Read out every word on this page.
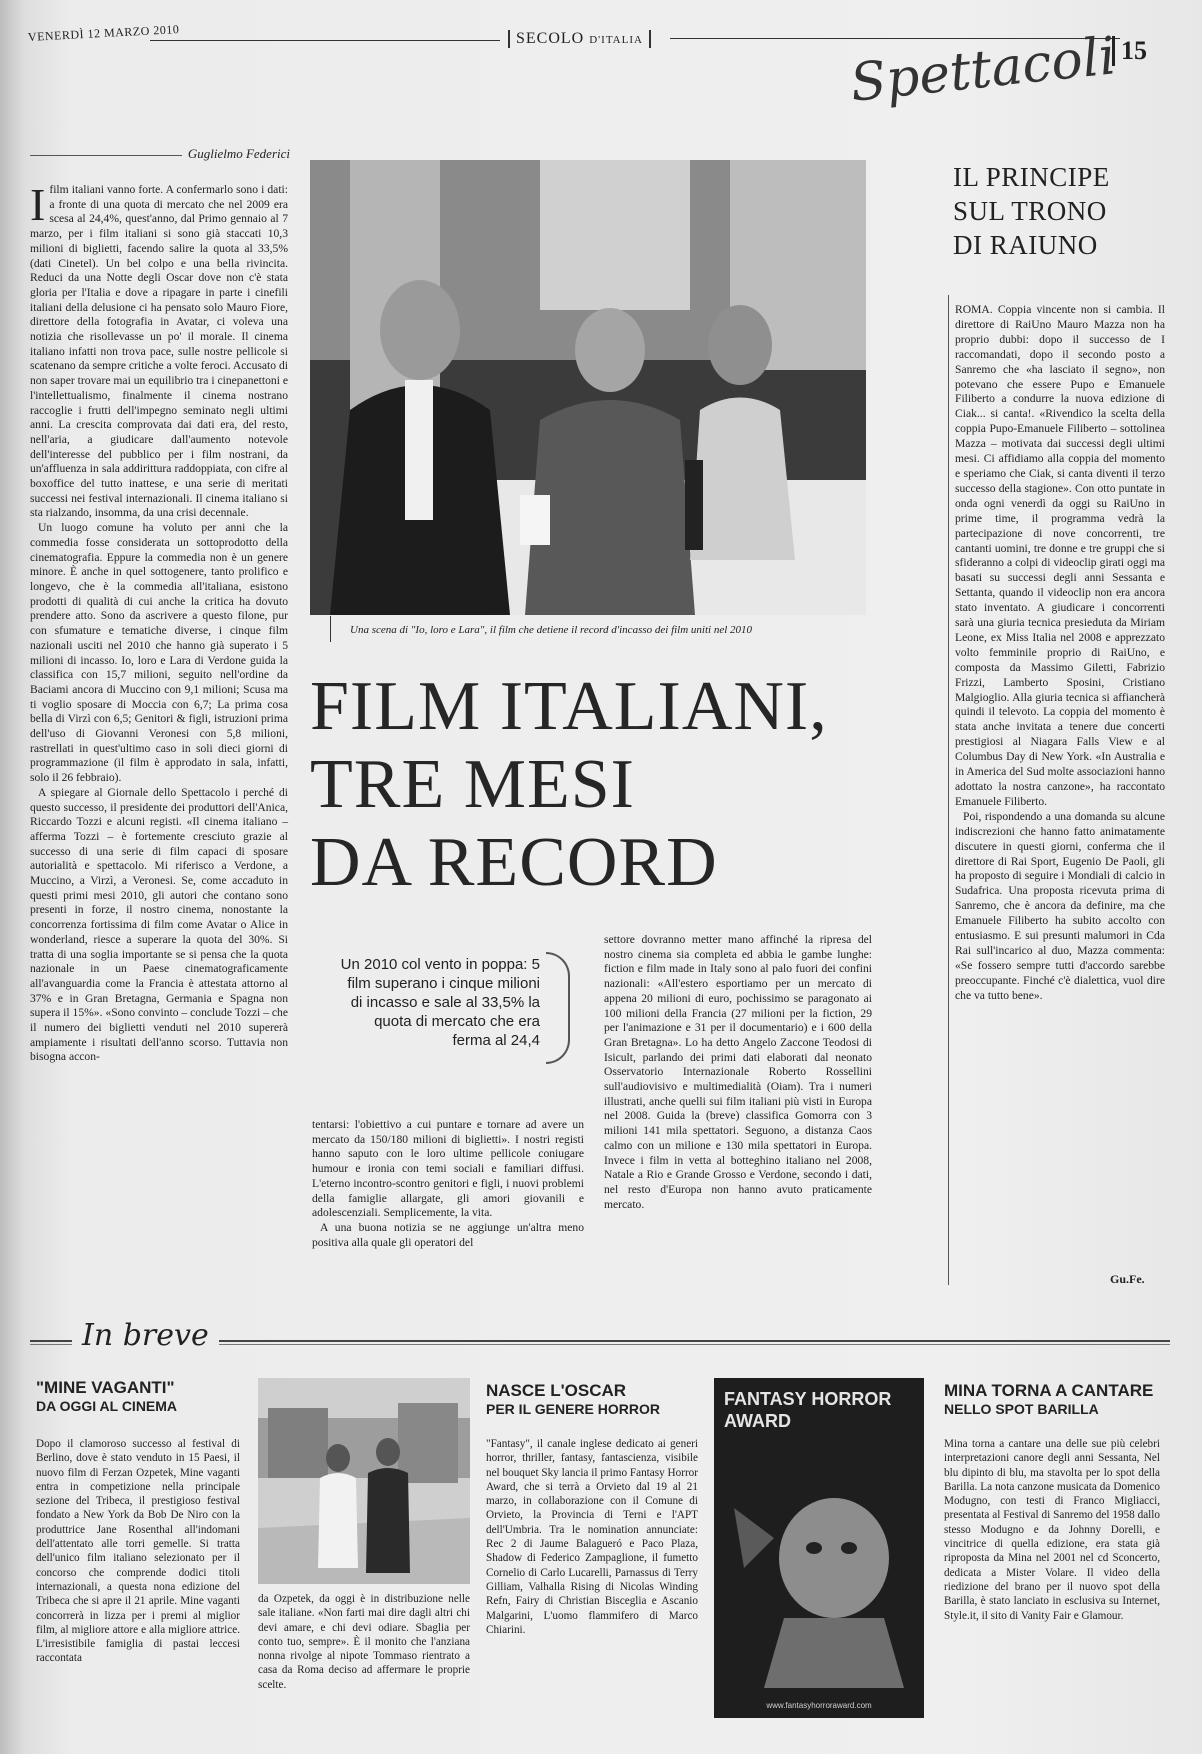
VENERDÌ 12 MARZO 2010	SECOLO D'ITALIA	Spettacoli 15
Guglielmo Federici
I film italiani vanno forte. A confermarlo sono i dati: a fronte di una quota di mercato che nel 2009 era scesa al 24,4%, quest'anno, dal Primo gennaio al 7 marzo, per i film italiani si sono già staccati 10,3 milioni di biglietti, facendo salire la quota al 33,5% (dati Cinetel). Un bel colpo e una bella rivincita. Reduci da una Notte degli Oscar dove non c'è stata gloria per l'Italia e dove a ripagare in parte i cinefili italiani della delusione ci ha pensato solo Mauro Fiore, direttore della fotografia in Avatar, ci voleva una notizia che risollevasse un po' il morale. Il cinema italiano infatti non trova pace, sulle nostre pellicole si scatenano da sempre critiche a volte feroci. Accusato di non saper trovare mai un equilibrio tra i cinepanettoni e l'intellettualismo, finalmente il cinema nostrano raccoglie i frutti dell'impegno seminato negli ultimi anni. La crescita comprovata dai dati era, del resto, nell'aria, a giudicare dall'aumento notevole dell'interesse del pubblico per i film nostrani, da un'affluenza in sala addirittura raddoppiata, con cifre al boxoffice del tutto inattese, e una serie di meritati successi nei festival internazionali. Il cinema italiano si sta rialzando, insomma, da una crisi decennale.

Un luogo comune ha voluto per anni che la commedia fosse considerata un sottoprodotto della cinematografia. Eppure la commedia non è un genere minore. È anche in quel sottogenere, tanto prolifico e longevo, che è la commedia all'italiana, esistono prodotti di qualità di cui anche la critica ha dovuto prendere atto. Sono da ascrivere a questo filone, pur con sfumature e tematiche diverse, i cinque film nazionali usciti nel 2010 che hanno già superato i 5 milioni di incasso. Io, loro e Lara di Verdone guida la classifica con 15,7 milioni, seguito nell'ordine da Baciami ancora di Muccino con 9,1 milioni; Scusa ma ti voglio sposare di Moccia con 6,7; La prima cosa bella di Virzì con 6,5; Genitori & figli, istruzioni prima dell'uso di Giovanni Veronesi con 5,8 milioni, rastrellati in quest'ultimo caso in soli dieci giorni di programmazione (il film è approdato in sala, infatti, solo il 26 febbraio).

A spiegare al Giornale dello Spettacolo i perché di questo successo, il presidente dei produttori dell'Anica, Riccardo Tozzi e alcuni registi. «Il cinema italiano – afferma Tozzi – è fortemente cresciuto grazie al successo di una serie di film capaci di sposare autorialità e spettacolo. Mi riferisco a Verdone, a Muccino, a Virzì, a Veronesi. Se, come accaduto in questi primi mesi 2010, gli autori che contano sono presenti in forze, il nostro cinema, nonostante la concorrenza fortissima di film come Avatar o Alice in wonderland, riesce a superare la quota del 30%. Si tratta di una soglia importante se si pensa che la quota nazionale in un Paese cinematograficamente all'avanguardia come la Francia è attestata attorno al 37% e in Gran Bretagna, Germania e Spagna non supera il 15%». «Sono convinto – conclude Tozzi – che il numero dei biglietti venduti nel 2010 supererà ampiamente i risultati dell'anno scorso. Tuttavia non bisogna accon-

Una scena di "Io, loro e Lara", il film che detiene il record d'incasso dei film uniti nel 2010
FILM ITALIANI,
TRE MESI
DA RECORD
Un 2010 col vento in poppa: 5 film superano i cinque milioni di incasso e sale al 33,5% la quota di mercato che era ferma al 24,4

tentarsi: l'obiettivo a cui puntare e tornare ad avere un mercato da 150/180 milioni di biglietti». I nostri registi hanno saputo con le loro ultime pellicole coniugare humour e ironia con temi sociali e familiari diffusi. L'eterno incontro-scontro genitori e figli, i nuovi problemi della famiglie allargate, gli amori giovanili e adolescenziali. Semplicemente, la vita.

A una buona notizia se ne aggiunge un'altra meno positiva alla quale gli operatori del

settore dovranno metter mano affinché la ripresa del nostro cinema sia completa ed abbia le gambe lunghe: fiction e film made in Italy sono al palo fuori dei confini nazionali: «All'estero esportiamo per un mercato di appena 20 milioni di euro, pochissimo se paragonato ai 100 milioni della Francia (27 milioni per la fiction, 29 per l'animazione e 31 per il documentario) e i 600 della Gran Bretagna». Lo ha detto Angelo Zaccone Teodosi di Isicult, parlando dei primi dati elaborati dal neonato Osservatorio Internazionale Roberto Rossellini sull'audiovisivo e multimedialità (Oiam). Tra i numeri illustrati, anche quelli sui film italiani più visti in Europa nel 2008. Guida la (breve) classifica Gomorra con 3 milioni 141 mila spettatori. Seguono, a distanza Caos calmo con un milione e 130 mila spettatori in Europa. Invece i film in vetta al botteghino italiano nel 2008, Natale a Rio e Grande Grosso e Verdone, secondo i dati, nel resto d'Europa non hanno avuto praticamente mercato.

IL PRINCIPE
SUL TRONO
DI RAIUNO

ROMA. Coppia vincente non si cambia. Il direttore di RaiUno Mauro Mazza non ha proprio dubbi: dopo il successo de I raccomandati, dopo il secondo posto a Sanremo che «ha lasciato il segno», non potevano che essere Pupo e Emanuele Filiberto a condurre la nuova edizione di Ciak... si canta!. «Rivendico la scelta della coppia Pupo-Emanuele Filiberto – sottolinea Mazza – motivata dai successi degli ultimi mesi. Ci affidiamo alla coppia del momento e speriamo che Ciak, si canta diventi il terzo successo della stagione». Con otto puntate in onda ogni venerdì da oggi su RaiUno in prime time, il programma vedrà la partecipazione di nove concorrenti, tre cantanti uomini, tre donne e tre gruppi che si sfideranno a colpi di videoclip girati oggi ma basati su successi degli anni Sessanta e Settanta, quando il videoclip non era ancora stato inventato. A giudicare i concorrenti sarà una giuria tecnica presieduta da Miriam Leone, ex Miss Italia nel 2008 e apprezzato volto femminile proprio di RaiUno, e composta da Massimo Giletti, Fabrizio Frizzi, Lamberto Sposini, Cristiano Malgioglio. Alla giuria tecnica si affiancherà quindi il televoto. La coppia del momento è stata anche invitata a tenere due concerti prestigiosi al Niagara Falls View e al Columbus Day di New York. «In Australia e in America del Sud molte associazioni hanno adottato la nostra canzone», ha raccontato Emanuele Filiberto.

Poi, rispondendo a una domanda su alcune indiscrezioni che hanno fatto animatamente discutere in questi giorni, conferma che il direttore di Rai Sport, Eugenio De Paoli, gli ha proposto di seguire i Mondiali di calcio in Sudafrica. Una proposta ricevuta prima di Sanremo, che è ancora da definire, ma che Emanuele Filiberto ha subito accolto con entusiasmo. E sui presunti malumori in Cda Rai sull'incarico al duo, Mazza commenta: «Se fossero sempre tutti d'accordo sarebbe preoccupante. Finché c'è dialettica, vuol dire che va tutto bene».

Gu.Fe.
In breve
"MINE VAGANTI"
DA OGGI AL CINEMA
Dopo il clamoroso successo al festival di Berlino, dove è stato venduto in 15 Paesi, il nuovo film di Ferzan Ozpetek, Mine vaganti entra in competizione nella principale sezione del Tribeca, il prestigioso festival fondato a New York da Bob De Niro con la produttrice Jane Rosenthal all'indomani dell'attentato alle torri gemelle. Si tratta dell'unico film italiano selezionato per il concorso che comprende dodici titoli internazionali, a questa nona edizione del Tribeca che si apre il 21 aprile. Mine vaganti concorrerà in lizza per i premi al miglior film, al migliore attore e alla migliore attrice. L'irresistibile famiglia di pastai leccesi raccontata
da Ozpetek, da oggi è in distribuzione nelle sale italiane. «Non farti mai dire dagli altri chi devi amare, e chi devi odiare. Sbaglia per conto tuo, sempre». È il monito che l'anziana nonna rivolge al nipote Tommaso rientrato a casa da Roma deciso ad affermare le proprie scelte.
NASCE L'OSCAR
PER IL GENERE HORROR
"Fantasy", il canale inglese dedicato ai generi horror, thriller, fantasy, fantascienza, visibile nel bouquet Sky lancia il primo Fantasy Horror Award, che si terrà a Orvieto dal 19 al 21 marzo, in collaborazione con il Comune di Orvieto, la Provincia di Terni e l'APT dell'Umbria. Tra le nomination annunciate: Rec 2 di Jaume Balagueró e Paco Plaza, Shadow di Federico Zampaglione, il fumetto Cornelio di Carlo Lucarelli, Parnassus di Terry Gilliam, Valhalla Rising di Nicolas Winding Refn, Fairy di Christian Bisceglia e Ascanio Malgarini, L'uomo flammifero di Marco Chiarini.
FANTASY HORROR AWARD
www.fantasyhorroraward.com
MINA TORNA A CANTARE
NELLO SPOT BARILLA
Mina torna a cantare una delle sue più celebri interpretazioni canore degli anni Sessanta, Nel blu dipinto di blu, ma stavolta per lo spot della Barilla. La nota canzone musicata da Domenico Modugno, con testi di Franco Migliacci, presentata al Festival di Sanremo del 1958 dallo stesso Modugno e da Johnny Dorelli, e vincitrice di quella edizione, era stata già riproposta da Mina nel 2001 nel cd Sconcerto, dedicata a Mister Volare. Il video della riedizione del brano per il nuovo spot della Barilla, è stato lanciato in esclusiva su Internet, Style.it, il sito di Vanity Fair e Glamour.
